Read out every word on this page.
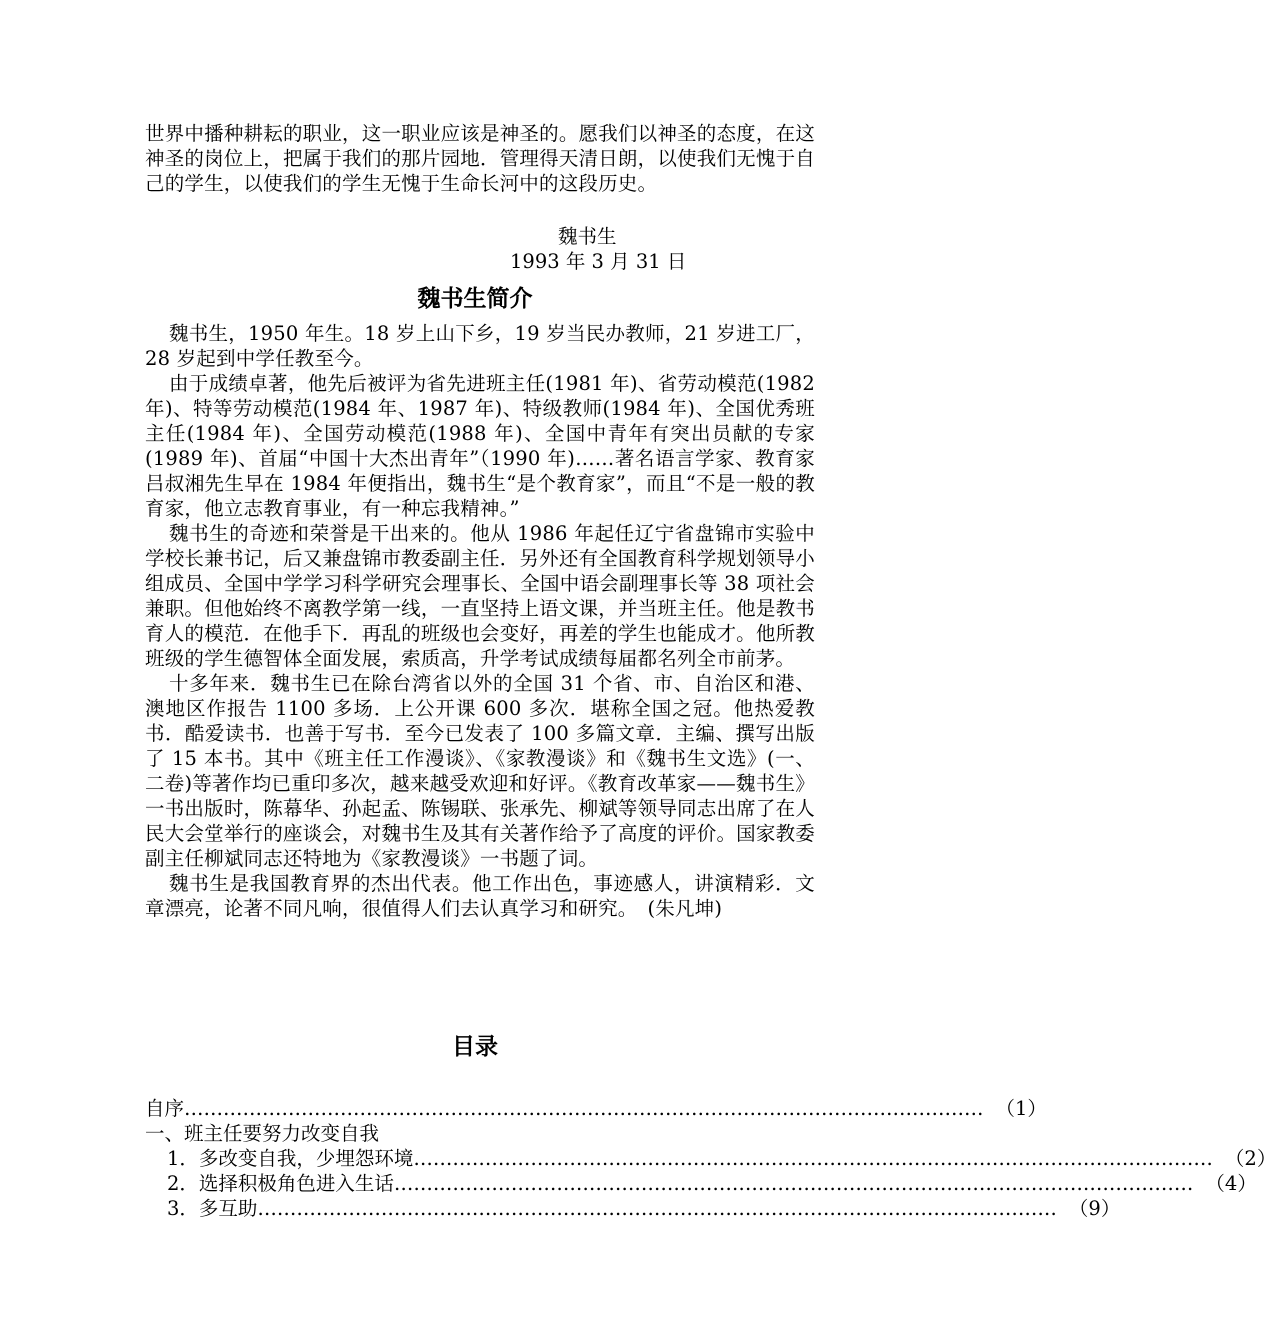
世界中播种耕耘的职业，这一职业应该是神圣的。愿我们以神圣的态度，在这神圣的岗位上，把属于我们的那片园地．管理得天清日朗，以使我们无愧于自己的学生，以使我们的学生无愧于生命长河中的这段历史。

魏书生
1993 年 3 月 31 日
魏书生简介

魏书生，1950 年生。18 岁上山下乡，19 岁当民办教师，21 岁进工厂，28 岁起到中学任教至今。

由于成绩卓著，他先后被评为省先进班主任(1981 年)、省劳动模范(1982 年)、特等劳动模范(1984 年、1987 年)、特级教师(1984 年)、全国优秀班主任(1984 年)、全国劳动模范(1988 年)、全国中青年有突出员献的专家(1989 年)、首届“中国十大杰出青年”（1990 年)……著名语言学家、教育家吕叔湘先生早在 1984 年便指出，魏书生“是个教育家”，而且“不是一般的教育家，他立志教育事业，有一种忘我精神。”

魏书生的奇迹和荣誉是干出来的。他从 1986 年起任辽宁省盘锦市实验中学校长兼书记，后又兼盘锦市教委副主任．另外还有全国教育科学规划领导小组成员、全国中学学习科学研究会理事长、全国中语会副理事长等 38 项社会兼职。但他始终不离教学第一线，一直坚持上语文课，并当班主任。他是教书育人的模范．在他手下．再乱的班级也会变好，再差的学生也能成才。他所教班级的学生德智体全面发展，索质高，升学考试成绩每届都名列全市前茅。

十多年来．魏书生已在除台湾省以外的全国 31 个省、市、自治区和港、澳地区作报告 1100 多场．上公开课 600 多次．堪称全国之冠。他热爱教书．酷爱读书．也善于写书．至今已发表了 100 多篇文章．主编、撰写出版了 15 本书。其中《班主任工作漫谈》、《家教漫谈》和《魏书生文选》(一、二卷)等著作均已重印多次，越来越受欢迎和好评。《教育改革家——魏书生》一书出版时，陈幕华、孙起孟、陈锡联、张承先、柳斌等领导同志出席了在人民大会堂举行的座谈会，对魏书生及其有关著作给予了高度的评价。国家教委副主任柳斌同志还特地为《家教漫谈》一书题了词。

魏书生是我国教育界的杰出代表。他工作出色，事迹感人，讲演精彩．文章漂亮，论著不同凡响，很值得人们去认真学习和研究。　(朱凡坤)

目录
自序 …………………………………………………………………………………………………………… （1）
一、班主任要努力改变自我
1．多改变自我，少埋怨环境 …………………………………………………………………………………………………………… （2）
2．选择积极角色进入生话 …………………………………………………………………………………………………………… （4）
3．多互助 …………………………………………………………………………………………………………… （9）
